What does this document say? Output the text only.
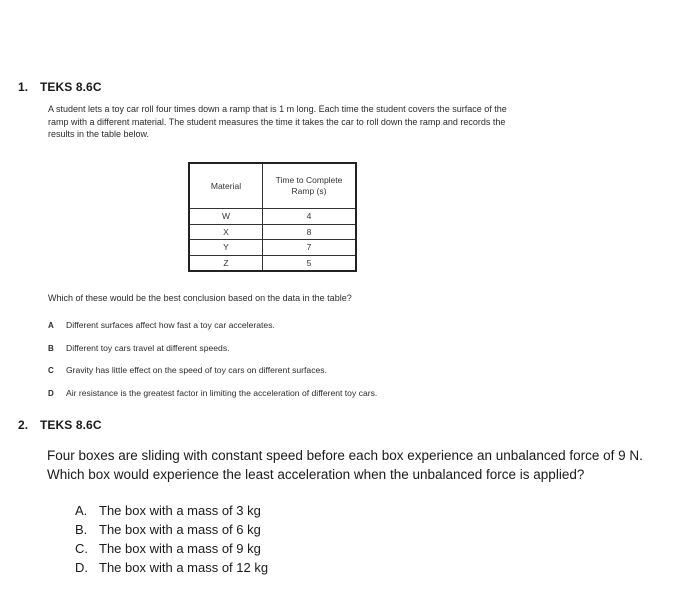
1. TEKS 8.6C
A student lets a toy car roll four times down a ramp that is 1 m long. Each time the student covers the surface of the ramp with a different material. The student measures the time it takes the car to roll down the ramp and records the results in the table below.
Material	Time to Complete Ramp (s)

W	4
X	8
Y	7
Z	5
Which of these would be the best conclusion based on the data in the table?
A Different surfaces affect how fast a toy car accelerates.
B Different toy cars travel at different speeds.
C Gravity has little effect on the speed of toy cars on different surfaces.
D Air resistance is the greatest factor in limiting the acceleration of different toy cars.
2. TEKS 8.6C
Four boxes are sliding with constant speed before each box experience an unbalanced force of 9 N. Which box would experience the least acceleration when the unbalanced force is applied?
A. The box with a mass of 3 kg
B. The box with a mass of 6 kg
C. The box with a mass of 9 kg
D. The box with a mass of 12 kg
